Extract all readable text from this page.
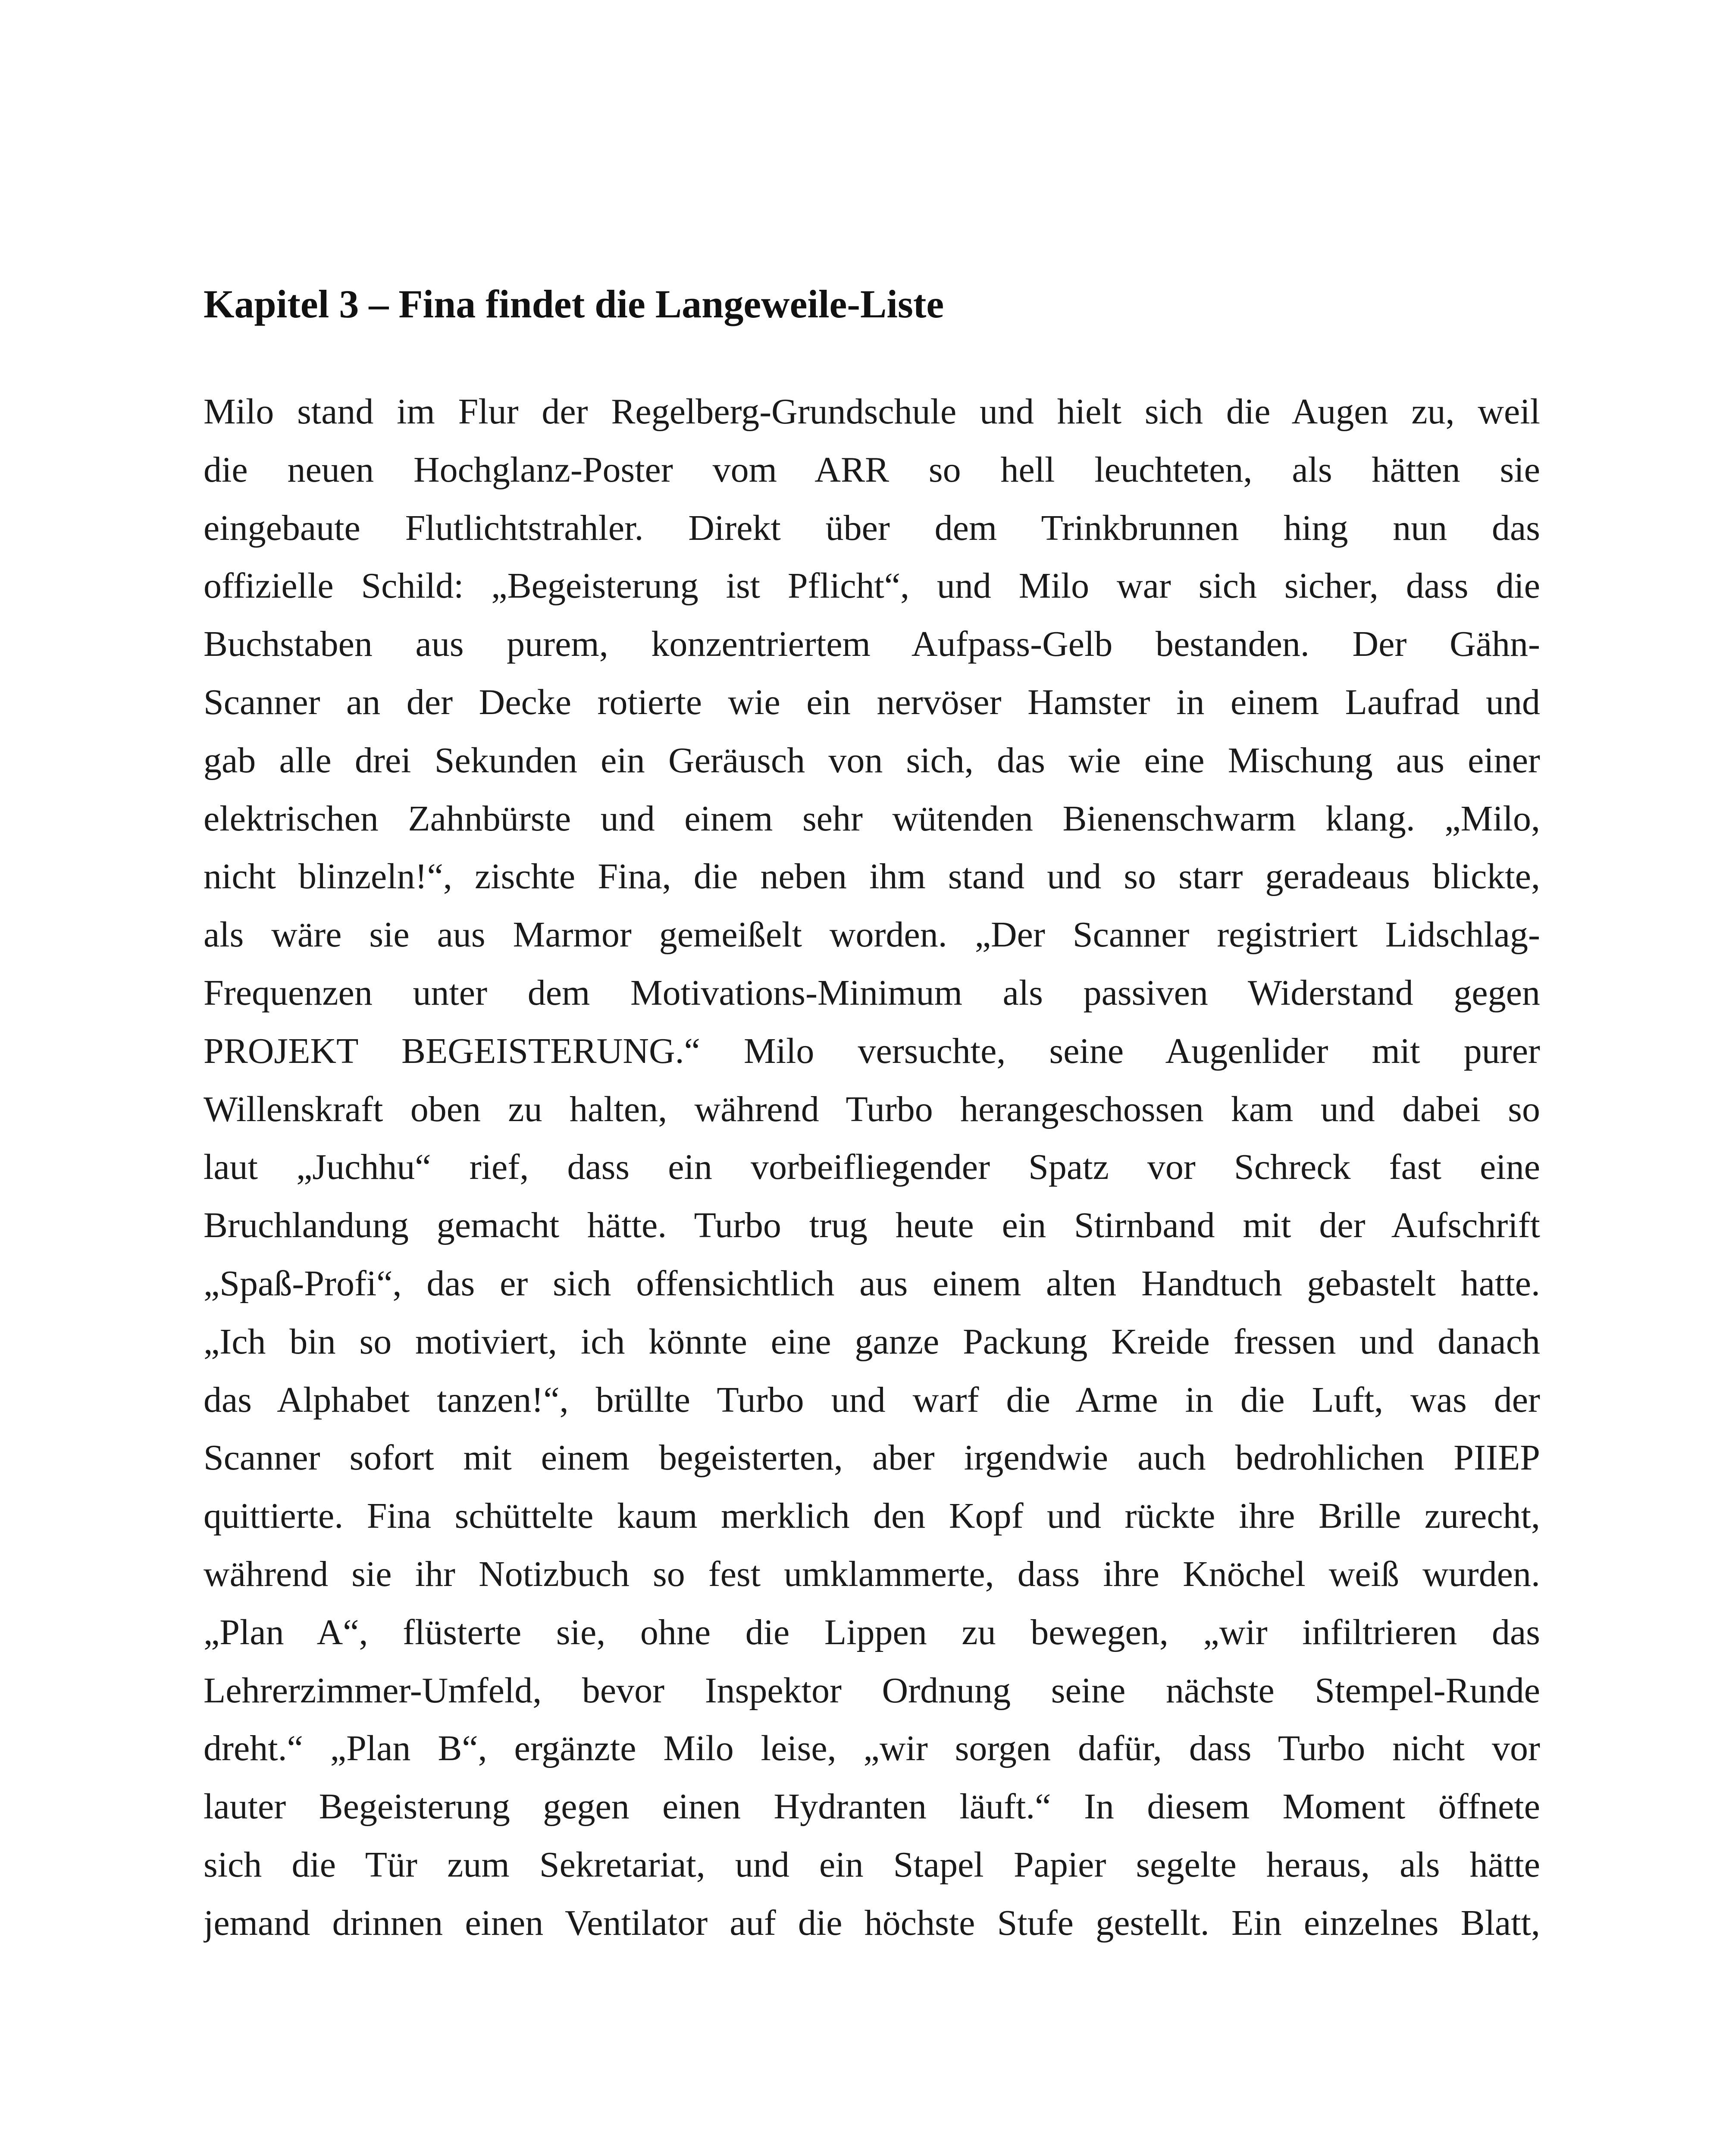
Kapitel 3 – Fina findet die Langeweile-Liste
Milo stand im Flur der Regelberg-Grundschule und hielt sich die Augen zu, weil
die neuen Hochglanz-Poster vom ARR so hell leuchteten, als hätten sie
eingebaute Flutlichtstrahler. Direkt über dem Trinkbrunnen hing nun das
offizielle Schild: „Begeisterung ist Pflicht“, und Milo war sich sicher, dass die
Buchstaben aus purem, konzentriertem Aufpass-Gelb bestanden. Der Gähn-
Scanner an der Decke rotierte wie ein nervöser Hamster in einem Laufrad und
gab alle drei Sekunden ein Geräusch von sich, das wie eine Mischung aus einer
elektrischen Zahnbürste und einem sehr wütenden Bienenschwarm klang. „Milo,
nicht blinzeln!“, zischte Fina, die neben ihm stand und so starr geradeaus blickte,
als wäre sie aus Marmor gemeißelt worden. „Der Scanner registriert Lidschlag-
Frequenzen unter dem Motivations-Minimum als passiven Widerstand gegen
PROJEKT BEGEISTERUNG.“ Milo versuchte, seine Augenlider mit purer
Willenskraft oben zu halten, während Turbo herangeschossen kam und dabei so
laut „Juchhu“ rief, dass ein vorbeifliegender Spatz vor Schreck fast eine
Bruchlandung gemacht hätte. Turbo trug heute ein Stirnband mit der Aufschrift
„Spaß-Profi“, das er sich offensichtlich aus einem alten Handtuch gebastelt hatte.
„Ich bin so motiviert, ich könnte eine ganze Packung Kreide fressen und danach
das Alphabet tanzen!“, brüllte Turbo und warf die Arme in die Luft, was der
Scanner sofort mit einem begeisterten, aber irgendwie auch bedrohlichen PIIEP
quittierte. Fina schüttelte kaum merklich den Kopf und rückte ihre Brille zurecht,
während sie ihr Notizbuch so fest umklammerte, dass ihre Knöchel weiß wurden.
„Plan A“, flüsterte sie, ohne die Lippen zu bewegen, „wir infiltrieren das
Lehrerzimmer-Umfeld, bevor Inspektor Ordnung seine nächste Stempel-Runde
dreht.“ „Plan B“, ergänzte Milo leise, „wir sorgen dafür, dass Turbo nicht vor
lauter Begeisterung gegen einen Hydranten läuft.“ In diesem Moment öffnete
sich die Tür zum Sekretariat, und ein Stapel Papier segelte heraus, als hätte
jemand drinnen einen Ventilator auf die höchste Stufe gestellt. Ein einzelnes Blatt,
